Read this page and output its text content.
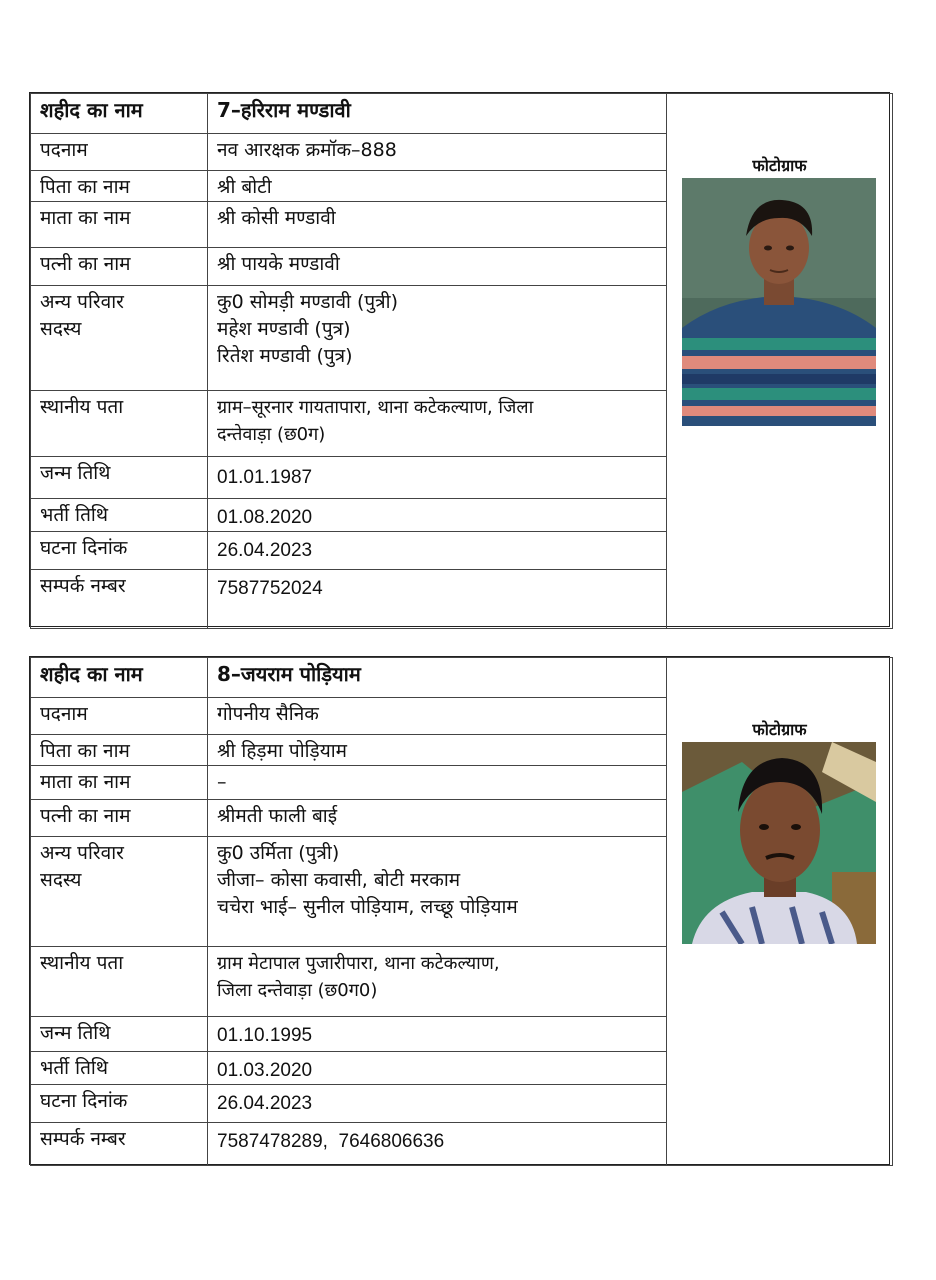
शहीद का नाम	7–हरिराम मण्डावी	फोटोग्राफ

पदनाम	नव आरक्षक क्रमॉक–888	
पिता का नाम	श्री बोटी	
माता का नाम	श्री कोसी मण्डावी	
पत्नी का नाम	श्री पायके मण्डावी	

अन्य परिवार
सदस्य	कु0 सोमड़ी मण्डावी (पुत्री)
महेश मण्डावी (पुत्र)
रितेश मण्डावी (पुत्र)	

स्थानीय पता	ग्राम–सूरनार गायतापारा, थाना कटेकल्याण, जिला
दन्तेवाड़ा (छ0ग)	

जन्म तिथि	01.01.1987	
भर्ती तिथि	01.08.2020	
घटना दिनांक	26.04.2023	
सम्पर्क नम्बर	7587752024	
शहीद का नाम	8–जयराम पोड़ियाम	फोटोग्राफ

पदनाम	गोपनीय सैनिक	
पिता का नाम	श्री हिड़मा पोड़ियाम	
माता का नाम	–	
पत्नी का नाम	श्रीमती फाली बाई	

अन्य परिवार
सदस्य	कु0 उर्मिता (पुत्री)
जीजा– कोसा कवासी, बोटी मरकाम
चचेरा भाई– सुनील पोड़ियाम, लच्छू पोड़ियाम	

स्थानीय पता	ग्राम मेटापाल पुजारीपारा, थाना कटेकल्याण,
जिला दन्तेवाड़ा (छ0ग0)	

जन्म तिथि	01.10.1995	
भर्ती तिथि	01.03.2020	
घटना दिनांक	26.04.2023	
सम्पर्क नम्बर	7587478289,  7646806636	
